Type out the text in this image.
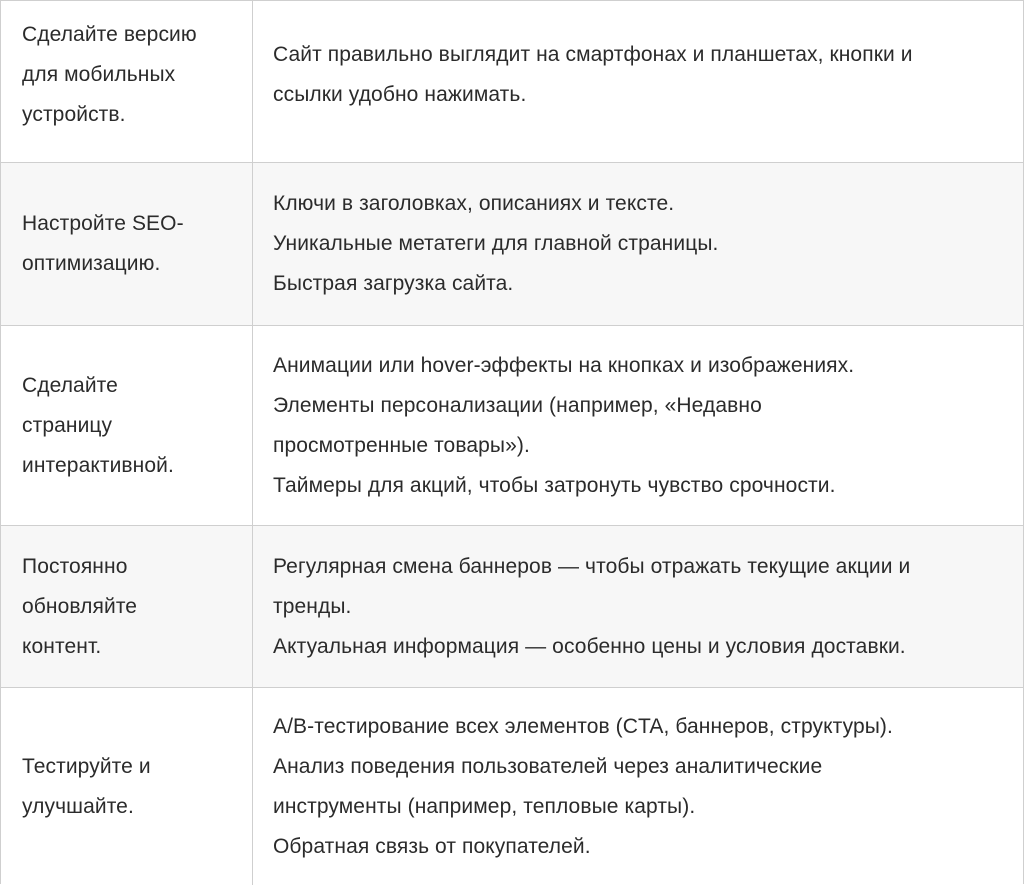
Сделайте версию
для мобильных
устройств.
Сайт правильно выглядит на смартфонах и планшетах, кнопки и
ссылки удобно нажимать.
Настройте SEO-
оптимизацию.
Ключи в заголовках, описаниях и тексте.
Уникальные метатеги для главной страницы.
Быстрая загрузка сайта.
Сделайте
страницу
интерактивной.
Анимации или hover-эффекты на кнопках и изображениях.
Элементы персонализации (например, «Недавно
просмотренные товары»).
Таймеры для акций, чтобы затронуть чувство срочности.
Постоянно
обновляйте
контент.
Регулярная смена баннеров — чтобы отражать текущие акции и
тренды.
Актуальная информация — особенно цены и условия доставки.
Тестируйте и
улучшайте.
A/B-тестирование всех элементов (CTA, баннеров, структуры).
Анализ поведения пользователей через аналитические
инструменты (например, тепловые карты).
Обратная связь от покупателей.
